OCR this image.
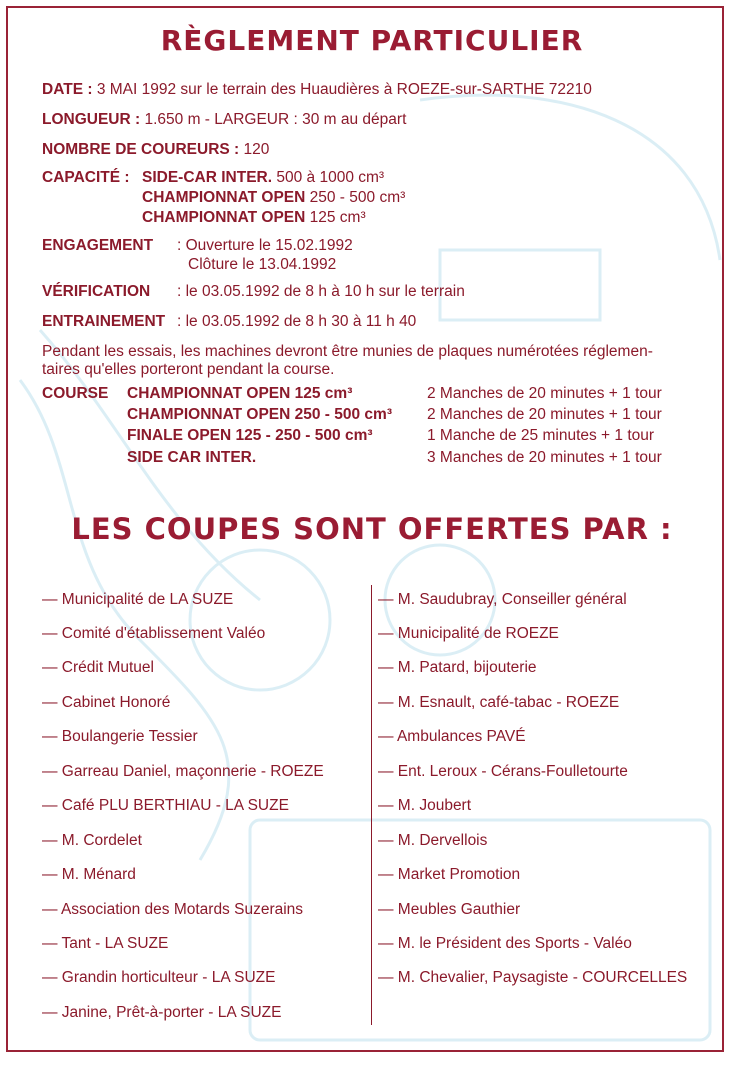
RÈGLEMENT PARTICULIER
DATE : 3 MAI 1992 sur le terrain des Huaudières à ROEZE-sur-SARTHE 72210
LONGUEUR : 1.650 m - LARGEUR : 30 m au départ
NOMBRE DE COUREURS : 120
CAPACITÉ : SIDE-CAR INTER. 500 à 1000 cm³
CHAMPIONNAT OPEN 250 - 500 cm³
CHAMPIONNAT OPEN 125 cm³
ENGAGEMENT : Ouverture le 15.02.1992
Clôture le 13.04.1992
VÉRIFICATION : le 03.05.1992 de 8 h à 10 h sur le terrain
ENTRAINEMENT : le 03.05.1992 de 8 h 30 à 11 h 40
Pendant les essais, les machines devront être munies de plaques numérotées réglemen-
taires qu'elles porteront pendant la course.
COURSE CHAMPIONNAT OPEN 125 cm³	2 Manches de 20 minutes + 1 tour
CHAMPIONNAT OPEN 250 - 500 cm³ 2 Manches de 20 minutes + 1 tour
FINALE OPEN 125 - 250 - 500 cm³	1 Manche de 25 minutes + 1 tour
SIDE CAR INTER.	3 Manches de 20 minutes + 1 tour
LES COUPES SONT OFFERTES PAR :
— Municipalité de LA SUZE
— Comité d'établissement Valéo
— Crédit Mutuel
— Cabinet Honoré
— Boulangerie Tessier
— Garreau Daniel, maçonnerie - ROEZE
— Café PLU BERTHIAU - LA SUZE
— M. Cordelet
— M. Ménard
— Association des Motards Suzerains
— Tant - LA SUZE
— Grandin horticulteur - LA SUZE
— Janine, Prêt-à-porter - LA SUZE
— M. Saudubray, Conseiller général
— Municipalité de ROEZE
— M. Patard, bijouterie
— M. Esnault, café-tabac - ROEZE
— Ambulances PAVÉ
— Ent. Leroux - Cérans-Foulletourte
— M. Joubert
— M. Dervellois
— Market Promotion
— Meubles Gauthier
— M. le Président des Sports - Valéo
— M. Chevalier, Paysagiste - COURCELLES
